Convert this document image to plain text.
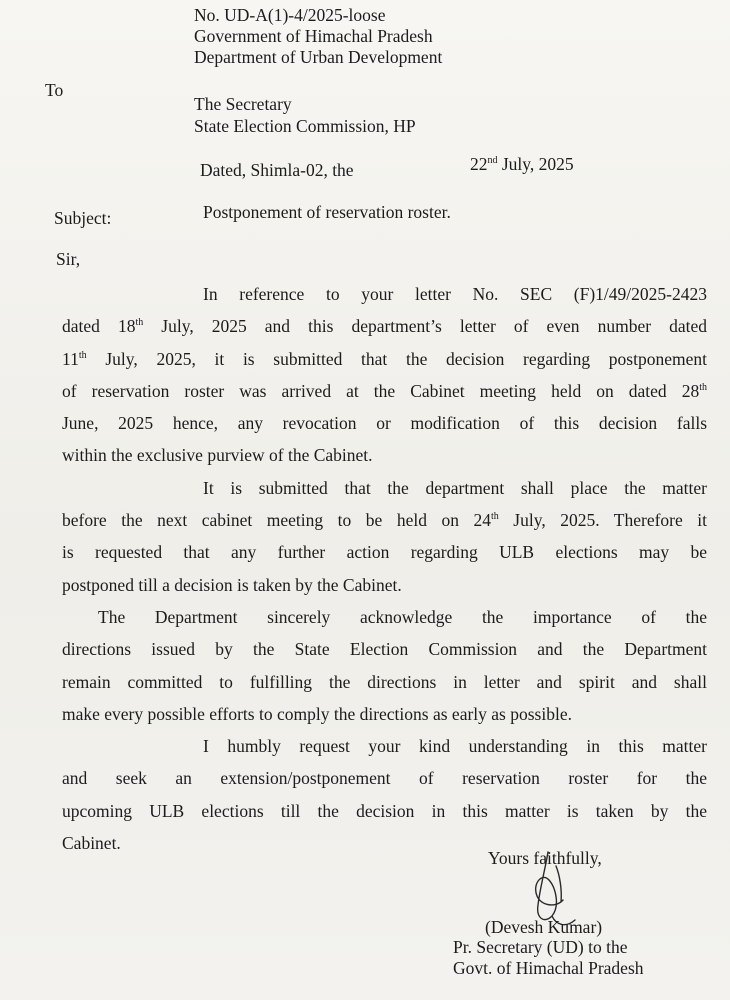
No. UD-A(1)-4/2025-loose
Government of Himachal Pradesh
Department of Urban Development
To
The Secretary
State Election Commission, HP
Dated, Shimla-02, the	22nd July, 2025
Subject:	Postponement of reservation roster.
Sir,

In reference to your letter No. SEC (F)1/49/2025-2423

dated 18th July, 2025 and this department’s letter of even number dated

11th July, 2025, it is submitted that the decision regarding postponement

of reservation roster was arrived at the Cabinet meeting held on dated 28th

June, 2025 hence, any revocation or modification of this decision falls

within the exclusive purview of the Cabinet.

It is submitted that the department shall place the matter

before the next cabinet meeting to be held on 24th July, 2025. Therefore it

is requested that any further action regarding ULB elections may be

postponed till a decision is taken by the Cabinet.

The Department sincerely acknowledge the importance of the

directions issued by the State Election Commission and the Department

remain committed to fulfilling the directions in letter and spirit and shall

make every possible efforts to comply the directions as early as possible.

I humbly request your kind understanding in this matter

and seek an extension/postponement of reservation roster for the

upcoming ULB elections till the decision in this matter is taken by the

Cabinet.

Yours faithfully,
(Devesh Kumar)
Pr. Secretary (UD) to the
Govt. of Himachal Pradesh
